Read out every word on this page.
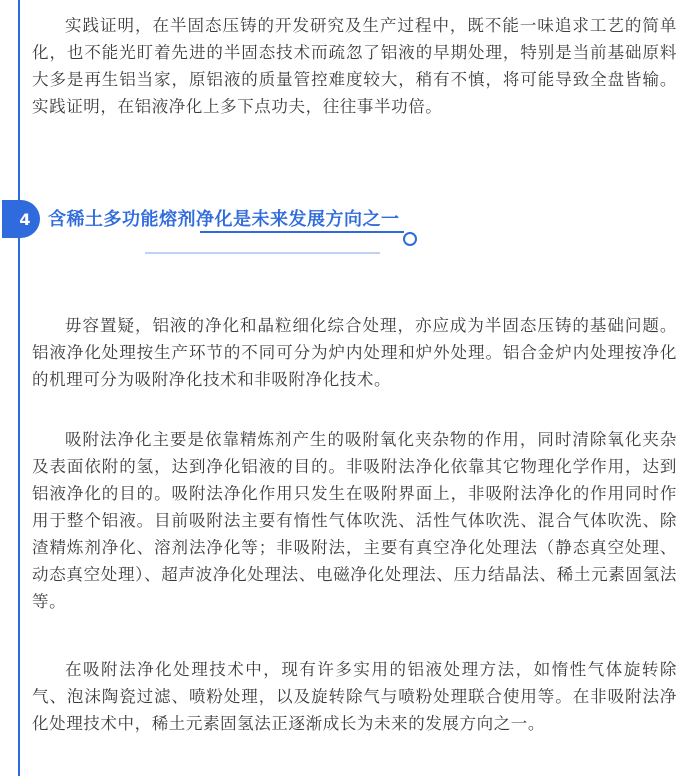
实践证明，在半固态压铸的开发研究及生产过程中，既不能一味追求工艺的简单化，也不能光盯着先进的半固态技术而疏忽了铝液的早期处理，特别是当前基础原料大多是再生铝当家，原铝液的质量管控难度较大，稍有不慎，将可能导致全盘皆输。实践证明，在铝液净化上多下点功夫，往往事半功倍。

4 含稀土多功能熔剂净化是未来发展方向之一

毋容置疑，铝液的净化和晶粒细化综合处理，亦应成为半固态压铸的基础问题。铝液净化处理按生产环节的不同可分为炉内处理和炉外处理。铝合金炉内处理按净化的机理可分为吸附净化技术和非吸附净化技术。

吸附法净化主要是依靠精炼剂产生的吸附氧化夹杂物的作用，同时清除氧化夹杂及表面依附的氢，达到净化铝液的目的。非吸附法净化依靠其它物理化学作用，达到铝液净化的目的。吸附法净化作用只发生在吸附界面上，非吸附法净化的作用同时作用于整个铝液。目前吸附法主要有惰性气体吹洗、活性气体吹洗、混合气体吹洗、除渣精炼剂净化、溶剂法净化等；非吸附法，主要有真空净化处理法（静态真空处理、动态真空处理）、超声波净化处理法、电磁净化处理法、压力结晶法、稀土元素固氢法等。

在吸附法净化处理技术中，现有许多实用的铝液处理方法，如惰性气体旋转除气、泡沫陶瓷过滤、喷粉处理，以及旋转除气与喷粉处理联合使用等。在非吸附法净化处理技术中，稀土元素固氢法正逐渐成长为未来的发展方向之一。
